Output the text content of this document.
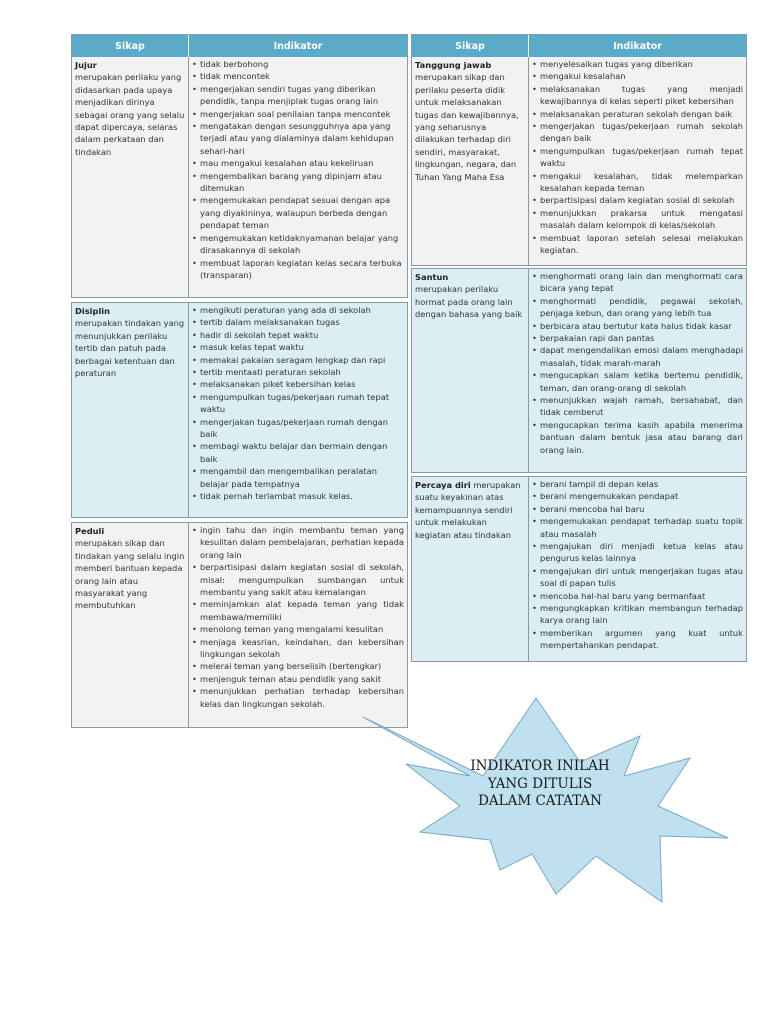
Sikap	Indikator
Jujur
merupakan perilaku yang didasarkan pada upaya menjadikan dirinya sebagai orang yang selalu dapat dipercaya, selaras dalam perkataan dan tindakan
• tidak berbohong
• tidak mencontek
• mengerjakan sendiri tugas yang diberikan pendidik, tanpa menjiplak tugas orang lain
• mengerjakan soal penilaian tanpa mencontek
• mengatakan dengan sesungguhnya apa yang terjadi atau yang dialaminya dalam kehidupan sehari-hari
• mau mengakui kesalahan atau kekeliruan
• mengembalikan barang yang dipinjam atau ditemukan
• mengemukakan pendapat sesuai dengan apa yang diyakininya, walaupun berbeda dengan pendapat teman
• mengemukakan ketidaknyamanan belajar yang dirasakannya di sekolah
• membuat laporan kegiatan kelas secara terbuka (transparan)
Disiplin
merupakan tindakan yang menunjukkan perilaku tertib dan patuh pada berbagai ketentuan dan peraturan
• mengikuti peraturan yang ada di sekolah
• tertib dalam melaksanakan tugas
• hadir di sekolah tepat waktu
• masuk kelas tepat waktu
• memakai pakaian seragam lengkap dan rapi
• tertib mentaati peraturan sekolah
• melaksanakan piket kebersihan kelas
• mengumpulkan tugas/pekerjaan rumah tepat waktu
• mengerjakan tugas/pekerjaan rumah dengan baik
• membagi waktu belajar dan bermain dengan baik
• mengambil dan mengembalikan peralatan belajar pada tempatnya
• tidak pernah terlambat masuk kelas.
Peduli
merupakan sikap dan tindakan yang selalu ingin memberi bantuan kepada orang lain atau masyarakat yang membutuhkan
• ingin tahu dan ingin membantu teman yang kesulitan dalam pembelajaran, perhatian kepada orang lain
• berpartisipasi dalam kegiatan sosial di sekolah, misal: mengumpulkan sumbangan untuk membantu yang sakit atau kemalangan
• meminjamkan alat kepada teman yang tidak membawa/memiliki
• menolong teman yang mengalami kesulitan
• menjaga keasrian, keindahan, dan kebersihan lingkungan sekolah
• melerai teman yang berselisih (bertengkar)
• menjenguk teman atau pendidik yang sakit
• menunjukkan perhatian terhadap kebersihan kelas dan lingkungan sekolah.
Sikap	Indikator
Tanggung jawab
merupakan sikap dan perilaku peserta didik untuk melaksanakan tugas dan kewajibannya, yang seharusnya dilakukan terhadap diri sendiri, masyarakat, lingkungan, negara, dan Tuhan Yang Maha Esa
• menyelesaikan tugas yang diberikan
• mengakui kesalahan
• melaksanakan tugas yang menjadi kewajibannya di kelas seperti piket kebersihan
• melaksanakan peraturan sekolah dengan baik
• mengerjakan tugas/pekerjaan rumah sekolah dengan baik
• mengumpulkan tugas/pekerjaan rumah tepat waktu
• mengakui kesalahan, tidak melemparkan kesalahan kepada teman
• berpartisipasi dalam kegiatan sosial di sekolah
• menunjukkan prakarsa untuk mengatasi masalah dalam kelompok di kelas/sekolah
• membuat laporan setelah selesai melakukan kegiatan.
Santun
merupakan perilaku hormat pada orang lain dengan bahasa yang baik
• menghormati orang lain dan menghormati cara bicara yang tepat
• menghormati pendidik, pegawai sekolah, penjaga kebun, dan orang yang lebih tua
• berbicara atau bertutur kata halus tidak kasar
• berpakaian rapi dan pantas
• dapat mengendalikan emosi dalam menghadapi masalah, tidak marah-marah
• mengucapkan salam ketika bertemu pendidik, teman, dan orang-orang di sekolah
• menunjukkan wajah ramah, bersahabat, dan tidak cemberut
• mengucapkan terima kasih apabila menerima bantuan dalam bentuk jasa atau barang dari orang lain.
Percaya diri merupakan suatu keyakinan atas kemampuannya sendiri untuk melakukan kegiatan atau tindakan
• berani tampil di depan kelas
• berani mengemukakan pendapat
• berani mencoba hal baru
• mengemukakan pendapat terhadap suatu topik atau masalah
• mengajukan diri menjadi ketua kelas atau pengurus kelas lainnya
• mengajukan diri untuk mengerjakan tugas atau soal di papan tulis
• mencoba hal-hal baru yang bermanfaat
• mengungkapkan kritikan membangun terhadap karya orang lain
• memberikan argumen yang kuat untuk mempertahankan pendapat.
INDIKATOR INILAH
YANG DITULIS
DALAM CATATAN
